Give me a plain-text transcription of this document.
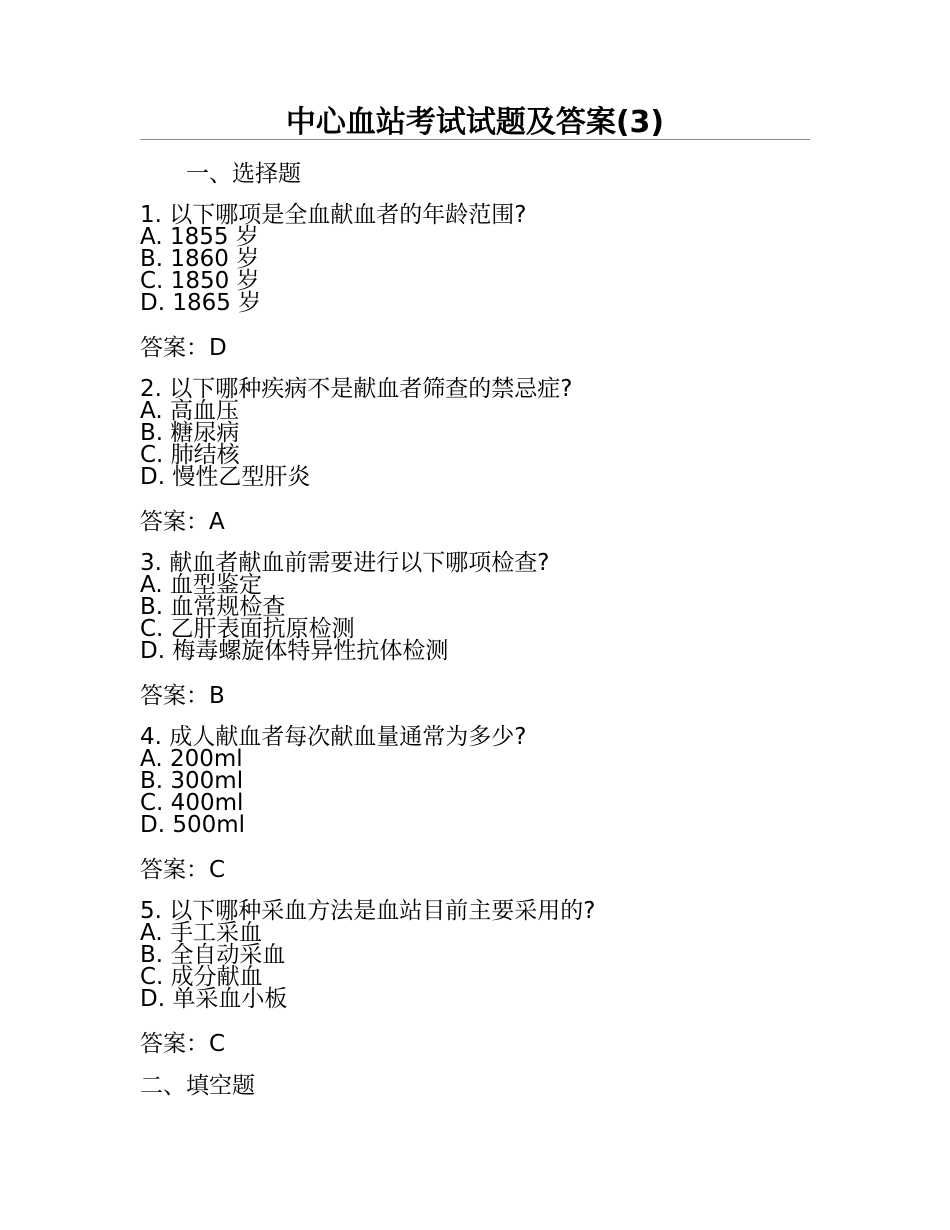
中心血站考试试题及答案(3)
一、选择题
1. 以下哪项是全血献血者的年龄范围?
A. 1855 岁
B. 1860 岁
C. 1850 岁
D. 1865 岁
答案：D
2. 以下哪种疾病不是献血者筛查的禁忌症?
A. 高血压
B. 糖尿病
C. 肺结核
D. 慢性乙型肝炎
答案：A
3. 献血者献血前需要进行以下哪项检查?
A. 血型鉴定
B. 血常规检查
C. 乙肝表面抗原检测
D. 梅毒螺旋体特异性抗体检测
答案：B
4. 成人献血者每次献血量通常为多少?
A. 200ml
B. 300ml
C. 400ml
D. 500ml
答案：C
5. 以下哪种采血方法是血站目前主要采用的?
A. 手工采血
B. 全自动采血
C. 成分献血
D. 单采血小板
答案：C
二、填空题
